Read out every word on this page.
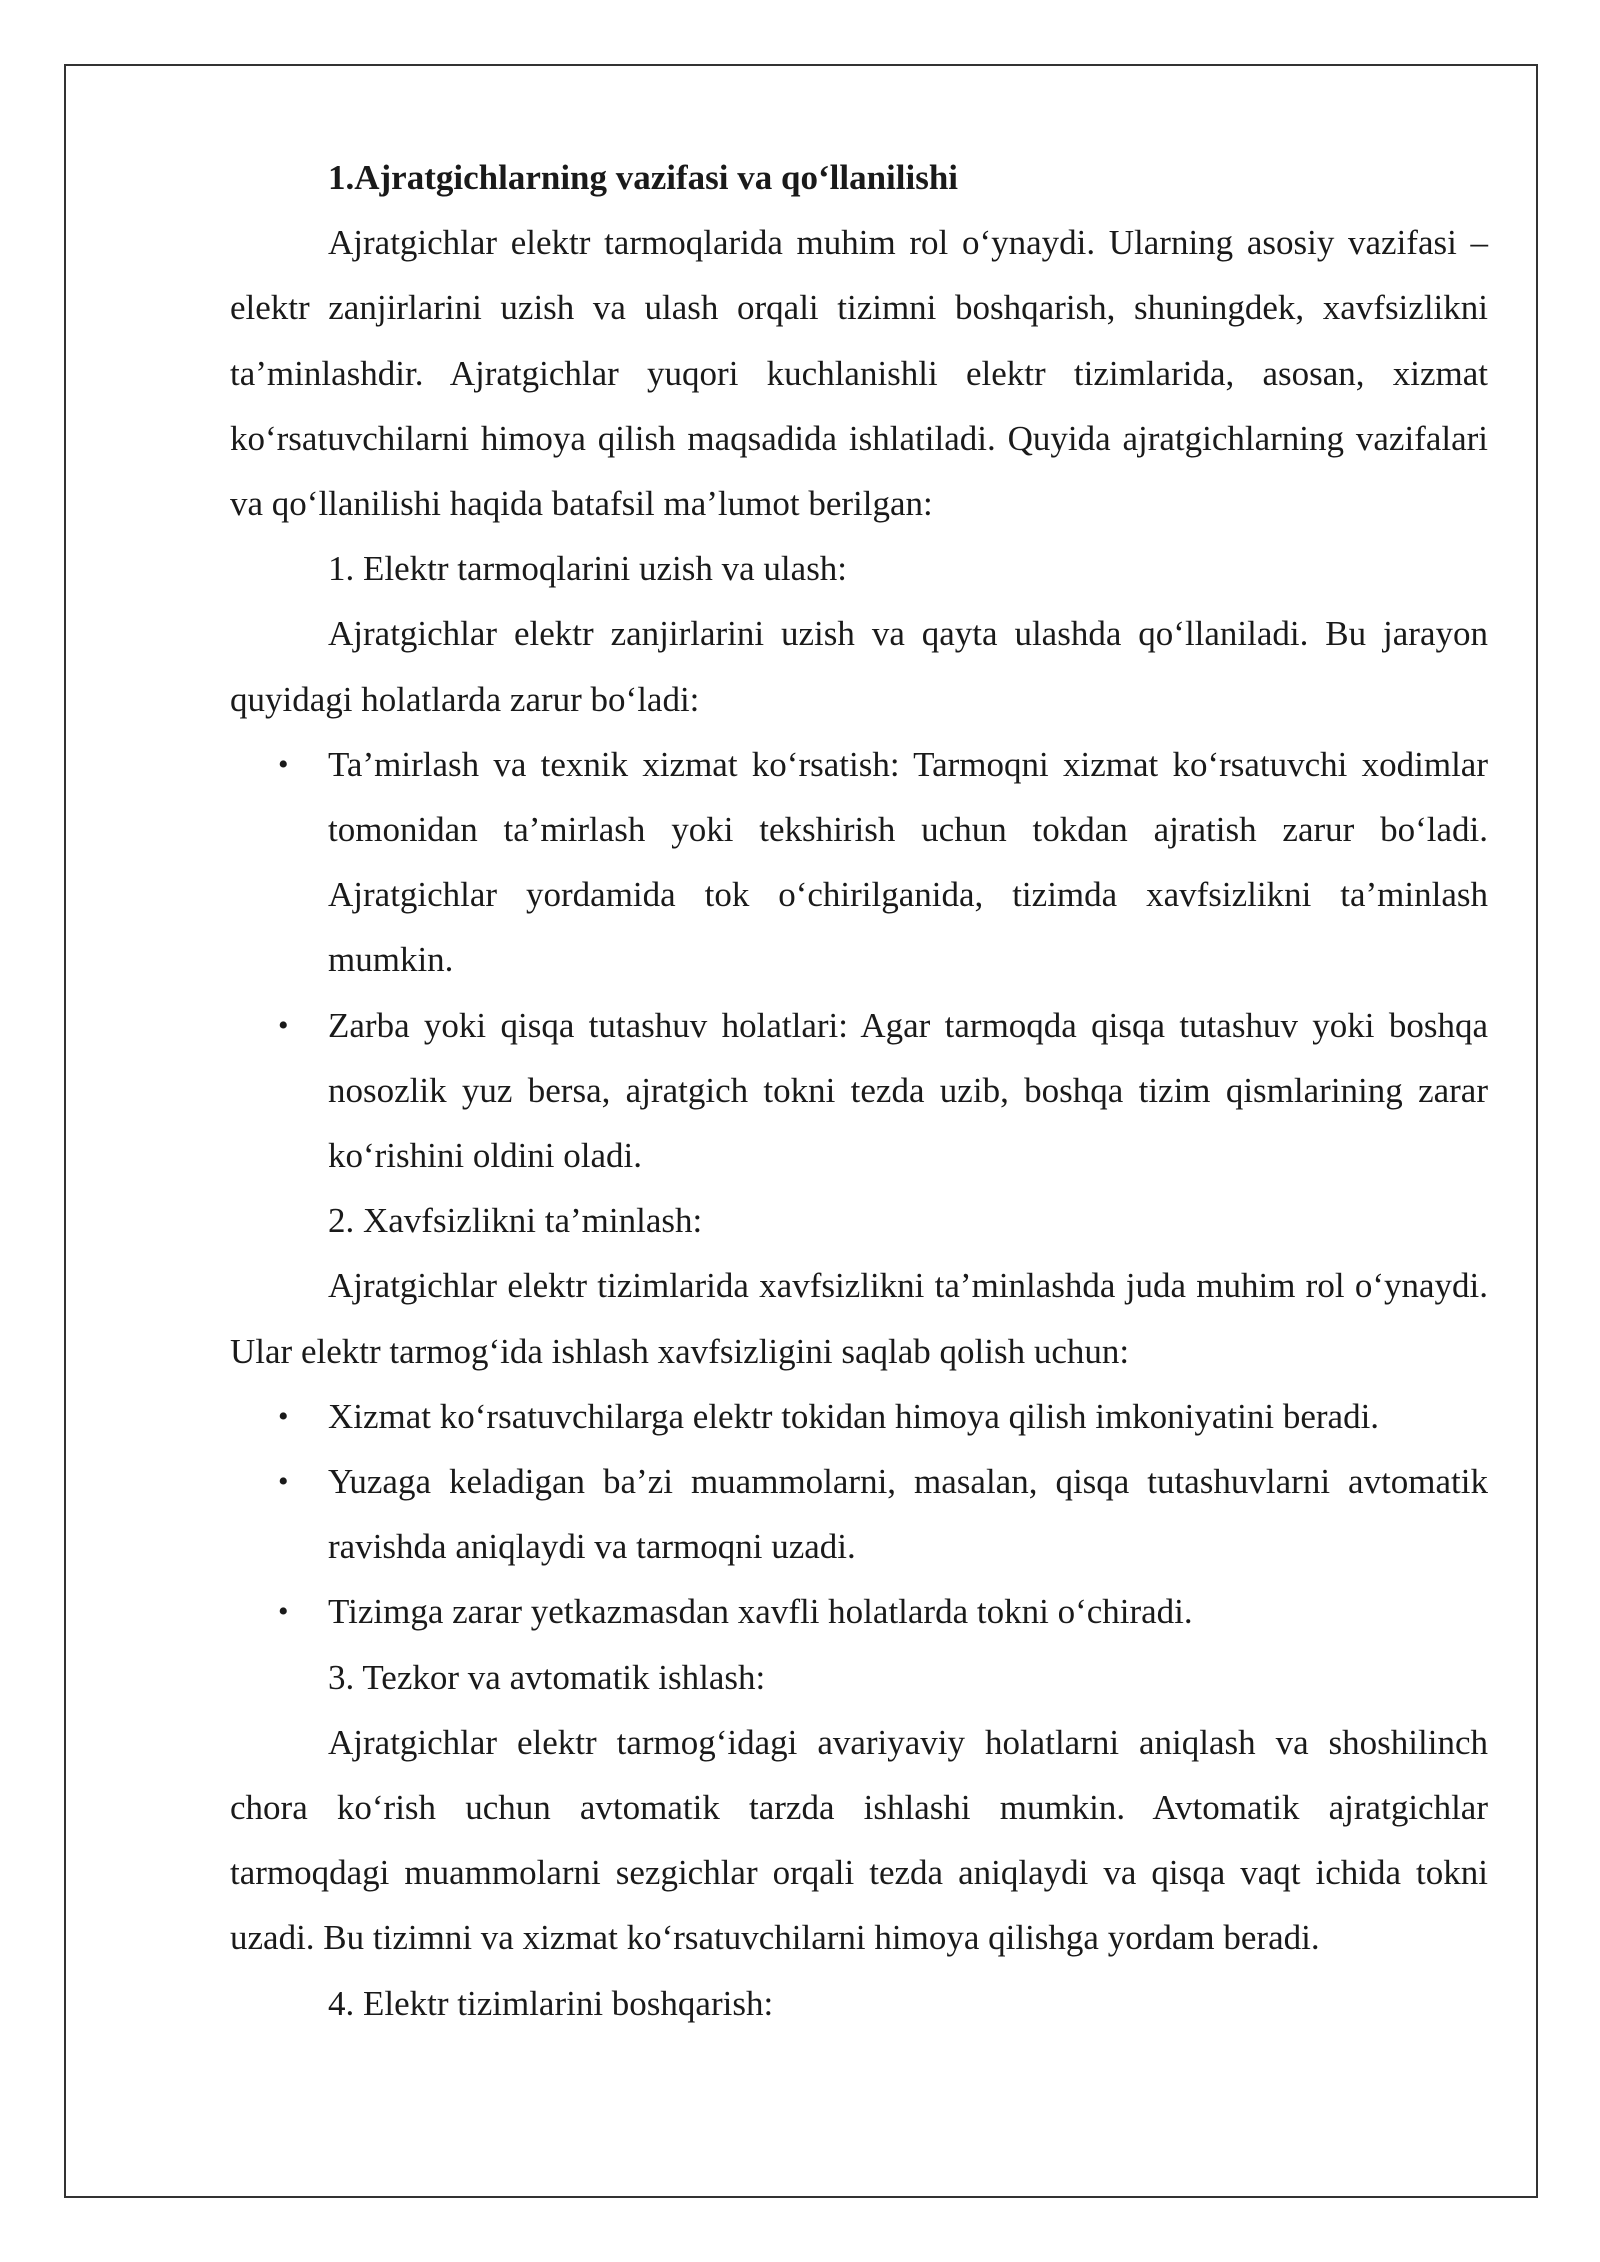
1.Ajratgichlarning vazifasi va qo‘llanilishi

Ajratgichlar elektr tarmoqlarida muhim rol o‘ynaydi. Ularning asosiy vazifasi – elektr zanjirlarini uzish va ulash orqali tizimni boshqarish, shuningdek, xavfsizlikni ta’minlashdir. Ajratgichlar yuqori kuchlanishli elektr tizimlarida, asosan, xizmat ko‘rsatuvchilarni himoya qilish maqsadida ishlatiladi. Quyida ajratgichlarning vazifalari va qo‘llanilishi haqida batafsil ma’lumot berilgan:

1. Elektr tarmoqlarini uzish va ulash:

Ajratgichlar elektr zanjirlarini uzish va qayta ulashda qo‘llaniladi. Bu jarayon quyidagi holatlarda zarur bo‘ladi:

• Ta’mirlash va texnik xizmat ko‘rsatish: Tarmoqni xizmat ko‘rsatuvchi xodimlar tomonidan ta’mirlash yoki tekshirish uchun tokdan ajratish zarur bo‘ladi. Ajratgichlar yordamida tok o‘chirilganida, tizimda xavfsizlikni ta’minlash mumkin.
• Zarba yoki qisqa tutashuv holatlari: Agar tarmoqda qisqa tutashuv yoki boshqa nosozlik yuz bersa, ajratgich tokni tezda uzib, boshqa tizim qismlarining zarar ko‘rishini oldini oladi.

2. Xavfsizlikni ta’minlash:

Ajratgichlar elektr tizimlarida xavfsizlikni ta’minlashda juda muhim rol o‘ynaydi. Ular elektr tarmog‘ida ishlash xavfsizligini saqlab qolish uchun:

• Xizmat ko‘rsatuvchilarga elektr tokidan himoya qilish imkoniyatini beradi.
• Yuzaga keladigan ba’zi muammolarni, masalan, qisqa tutashuvlarni avtomatik ravishda aniqlaydi va tarmoqni uzadi.
• Tizimga zarar yetkazmasdan xavfli holatlarda tokni o‘chiradi.

3. Tezkor va avtomatik ishlash:

Ajratgichlar elektr tarmog‘idagi avariyaviy holatlarni aniqlash va shoshilinch chora ko‘rish uchun avtomatik tarzda ishlashi mumkin. Avtomatik ajratgichlar tarmoqdagi muammolarni sezgichlar orqali tezda aniqlaydi va qisqa vaqt ichida tokni uzadi. Bu tizimni va xizmat ko‘rsatuvchilarni himoya qilishga yordam beradi.

4. Elektr tizimlarini boshqarish:
